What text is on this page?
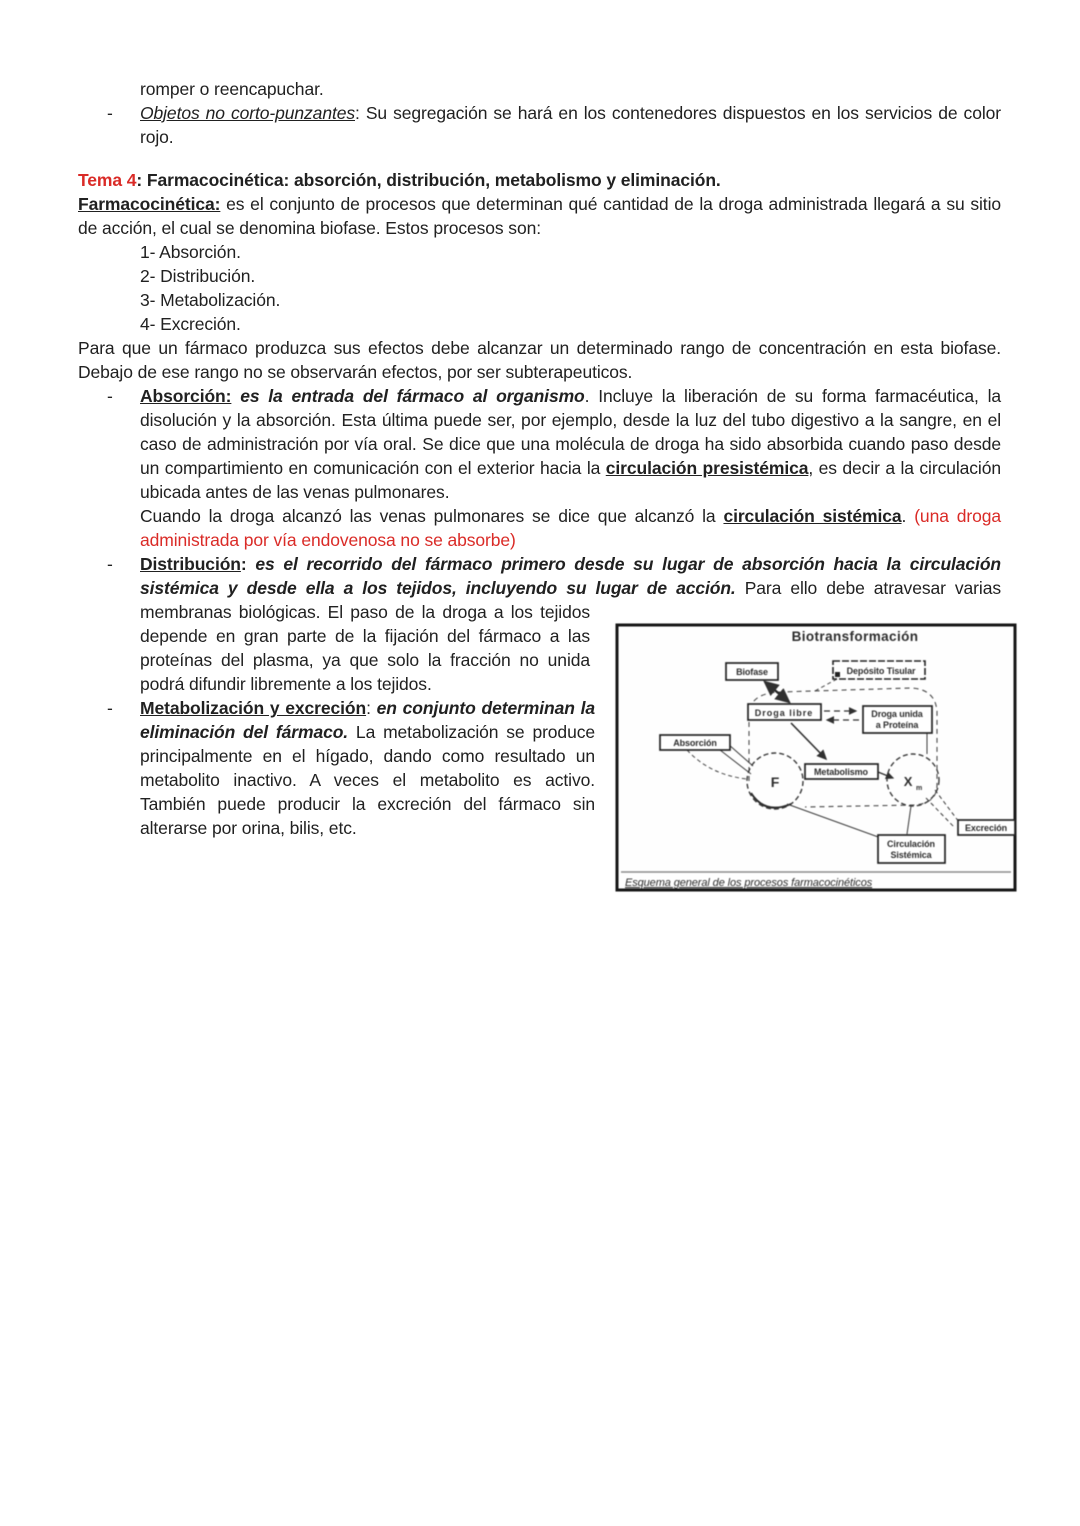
romper o reencapuchar.
- Objetos no corto-punzantes: Su segregación se hará en los contenedores dispuestos en los servicios de color rojo.
Tema 4: Farmacocinética: absorción, distribución, metabolismo y eliminación.
Farmacocinética: es el conjunto de procesos que determinan qué cantidad de la droga administrada llegará a su sitio de acción, el cual se denomina biofase. Estos procesos son:
1- Absorción.
2- Distribución.
3- Metabolización.
4- Excreción.
Para que un fármaco produzca sus efectos debe alcanzar un determinado rango de concentración en esta biofase. Debajo de ese rango no se observarán efectos, por ser subterapeuticos.
- Absorción: es la entrada del fármaco al organismo. Incluye la liberación de su forma farmacéutica, la disolución y la absorción. Esta última puede ser, por ejemplo, desde la luz del tubo digestivo a la sangre, en el caso de administración por vía oral. Se dice que una molécula de droga ha sido absorbida cuando paso desde un compartimiento en comunicación con el exterior hacia la circulación presistémica, es decir a la circulación ubicada antes de las venas pulmonares.
Cuando la droga alcanzó las venas pulmonares se dice que alcanzó la circulación sistémica. (una droga administrada por vía endovenosa no se absorbe)
- Distribución: es el recorrido del fármaco primero desde su lugar de absorción hacia la circulación sistémica y desde ella a los tejidos, incluyendo su lugar de acción. Para ello debe atravesar varias
membranas biológicas. El paso de la droga a los tejidos depende en gran parte de la fijación del fármaco a las proteínas del plasma, ya que solo la fracción no unida podrá difundir libremente a los tejidos.
- Metabolización y excreción: en conjunto determinan la eliminación del fármaco. La metabolización se produce principalmente en el hígado, dando como resultado un metabolito inactivo. A veces el metabolito es activo. También puede producir la excreción del fármaco sin alterarse por orina, bilis, etc.
Biotransformación
Biofase	Depósito Tisular
Droga libre	Droga unida
a Proteína
Absorción
Metabolismo
Excreción
Circulación
Sistémica
F	X m
Esquema general de los procesos farmacocinéticos
